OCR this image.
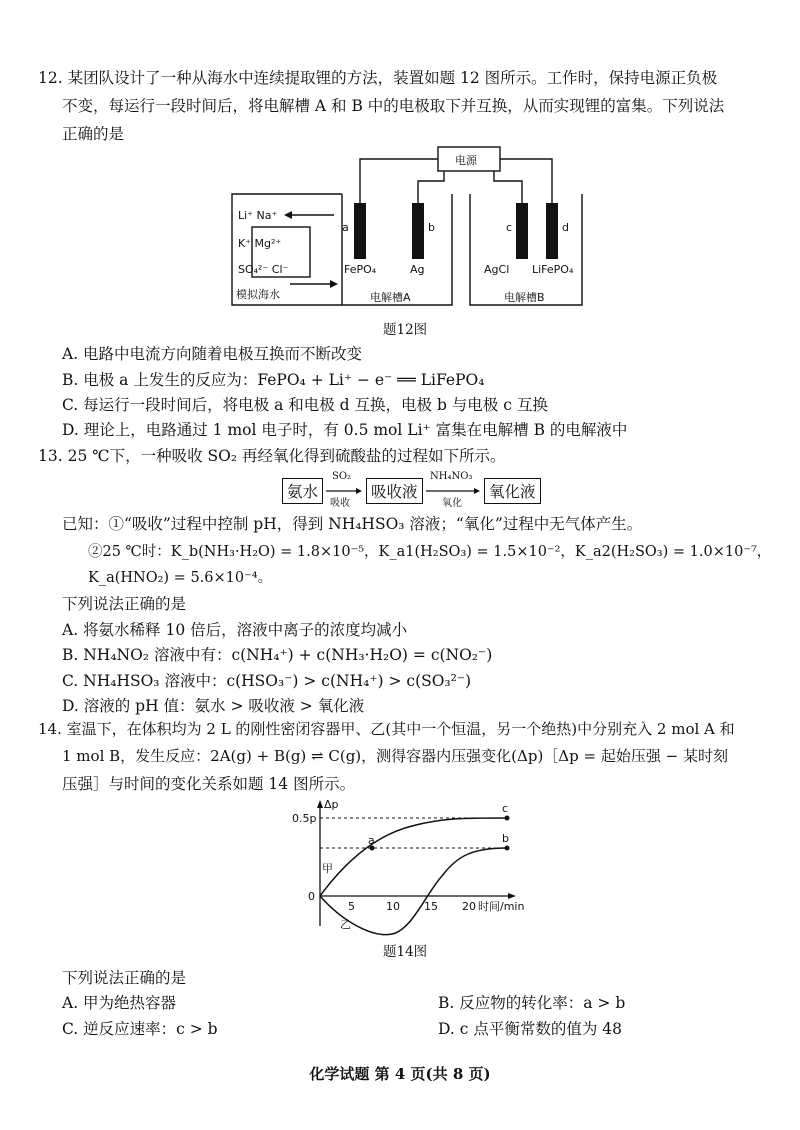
12. 某团队设计了一种从海水中连续提取锂的方法，装置如题 12 图所示。工作时，保持电源正负极
不变，每运行一段时间后，将电解槽 A 和 B 中的电极取下并互换，从而实现锂的富集。下列说法
正确的是
电源
a	b	c	d
FePO₄	Ag	AgCl LiFePO₄
Li⁺ Na⁺
K⁺ Mg²⁺
SO₄²⁻ Cl⁻
模拟海水	电解槽A	电解槽B
题12图
A. 电路中电流方向随着电极互换而不断改变
B. 电极 a 上发生的反应为：FePO₄ + Li⁺ − e⁻ ══ LiFePO₄
C. 每运行一段时间后，将电极 a 和电极 d 互换，电极 b 与电极 c 互换
D. 理论上，电路通过 1 mol 电子时，有 0.5 mol Li⁺ 富集在电解槽 B 的电解液中
13. 25 ℃下，一种吸收 SO₂ 再经氧化得到硫酸盐的过程如下所示。
氨水
SO₂
吸收
吸收液
NH₄NO₃
氧化
氧化液
已知：①“吸收”过程中控制 pH，得到 NH₄HSO₃ 溶液；“氧化”过程中无气体产生。
②25 ℃时：K_b(NH₃·H₂O) = 1.8×10⁻⁵，K_a1(H₂SO₃) = 1.5×10⁻²，K_a2(H₂SO₃) = 1.0×10⁻⁷，
K_a(HNO₂) = 5.6×10⁻⁴。
下列说法正确的是
A. 将氨水稀释 10 倍后，溶液中离子的浓度均减小
B. NH₄NO₂ 溶液中有：c(NH₄⁺) + c(NH₃·H₂O) = c(NO₂⁻)
C. NH₄HSO₃ 溶液中：c(HSO₃⁻) > c(NH₄⁺) > c(SO₃²⁻)
D. 溶液的 pH 值：氨水 > 吸收液 > 氧化液
14. 室温下，在体积均为 2 L 的刚性密闭容器甲、乙(其中一个恒温，另一个绝热)中分别充入 2 mol A 和
1 mol B，发生反应：2A(g) + B(g) ⇌ C(g)，测得容器内压强变化(Δp)［Δp = 起始压强 − 某时刻
压强］与时间的变化关系如题 14 图所示。
Δp
0.5p
0
5	10 15 20 时间/min
a
c
b
甲
乙
题14图
下列说法正确的是
A. 甲为绝热容器	B. 反应物的转化率：a > b
C. 逆反应速率：c > b	D. c 点平衡常数的值为 48
化学试题 第 4 页(共 8 页)
